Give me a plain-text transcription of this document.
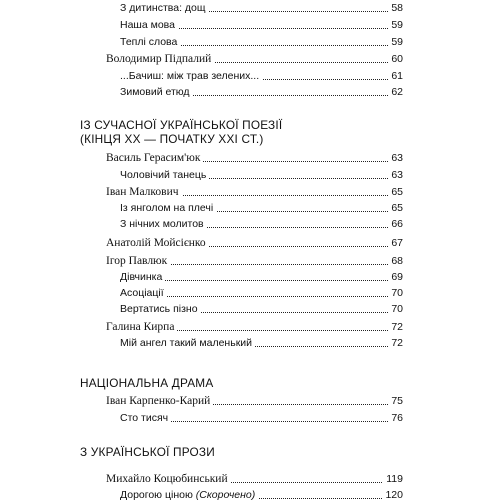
З дитинства: дощ	58
Наша мова	59
Теплі слова	59
Володимир Підпалий	60
...Бачиш: між трав зелених...	61
Зимовий етюд	62
ІЗ СУЧАСНОЇ УКРАЇНСЬКОЇ ПОЕЗІЇ
(КІНЦЯ XX — ПОЧАТКУ XXI СТ.)
Василь Герасим'юк	63
Чоловічий танець	63
Іван Малкович	65
Із янголом на плечі	65
З нічних молитов	66
Анатолій Мойсієнко	67
Ігор Павлюк	68
Дівчинка	69
Асоціації	70
Вертатись пізно	70
Галина Кирпа	72
Мій ангел такий маленький	72
НАЦІОНАЛЬНА ДРАМА
Іван Карпенко-Карий	75
Сто тисяч	76
З УКРАЇНСЬКОЇ ПРОЗИ
Михайло Коцюбинський	119
Дорогою ціною (Скорочено)	120
